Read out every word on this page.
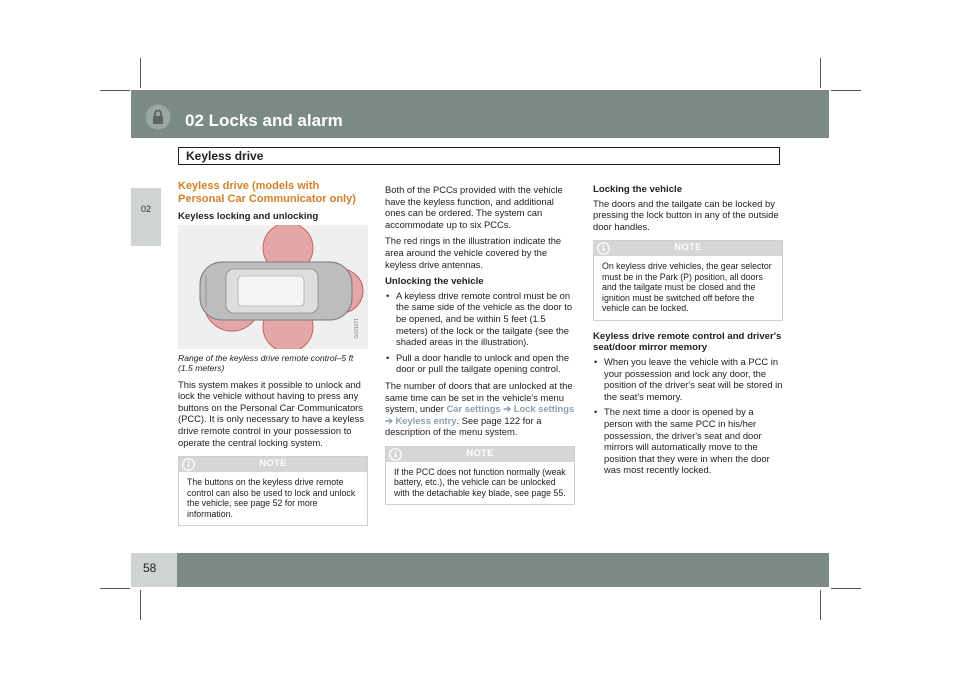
02 Locks and alarm
Keyless drive
02
58
Keyless drive (models with Personal Car Communicator only)
Keyless locking and unlocking
G021071
Range of the keyless drive remote control–5 ft (1.5 meters)

This system makes it possible to unlock and lock the vehicle without having to press any buttons on the Personal Car Communicators (PCC). It is only necessary to have a keyless drive remote control in your possession to operate the central locking system.

NOTE
The buttons on the keyless drive remote control can also be used to lock and unlock the vehicle, see page 52 for more information.

Both of the PCCs provided with the vehicle have the keyless function, and additional ones can be ordered. The system can accommodate up to six PCCs.

The red rings in the illustration indicate the area around the vehicle covered by the keyless drive antennas.

Unlocking the vehicle
• A keyless drive remote control must be on the same side of the vehicle as the door to be opened, and be within 5 feet (1.5 meters) of the lock or the tailgate (see the shaded areas in the illustration).
• Pull a door handle to unlock and open the door or pull the tailgate opening control.

The number of doors that are unlocked at the same time can be set in the vehicle's menu system, under Car settings ➔ Lock settings ➔ Keyless entry. See page 122 for a description of the menu system.

NOTE
If the PCC does not function normally (weak battery, etc.), the vehicle can be unlocked with the detachable key blade, see page 55.
Locking the vehicle

The doors and the tailgate can be locked by pressing the lock button in any of the outside door handles.

NOTE
On keyless drive vehicles, the gear selector must be in the Park (P) position, all doors and the tailgate must be closed and the ignition must be switched off before the vehicle can be locked.
Keyless drive remote control and driver's seat/door mirror memory
• When you leave the vehicle with a PCC in your possession and lock any door, the position of the driver's seat will be stored in the seat's memory.
• The next time a door is opened by a person with the same PCC in his/her possession, the driver's seat and door mirrors will automatically move to the position that they were in when the door was most recently locked.
